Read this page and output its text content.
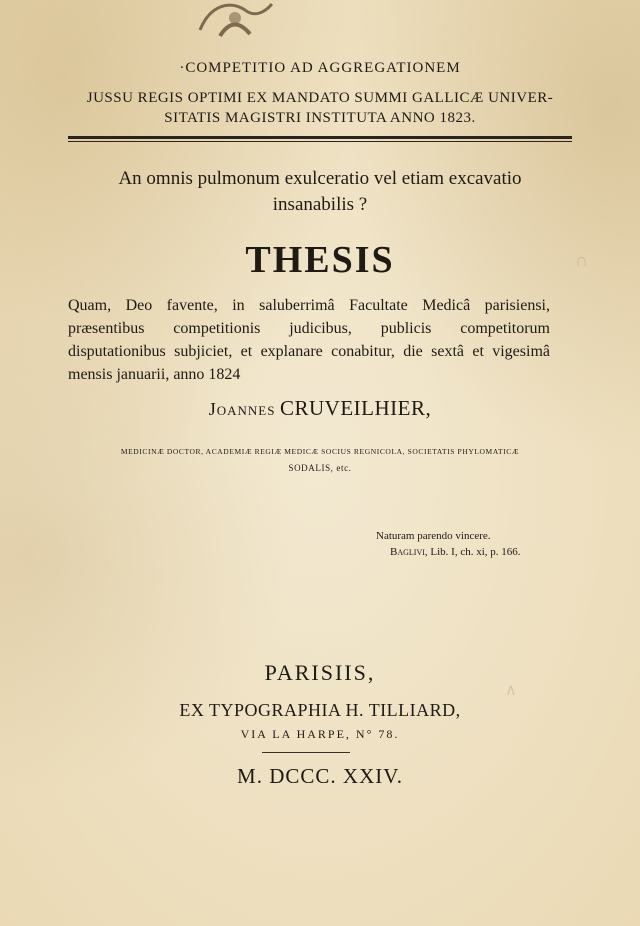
·COMPETITIO AD AGGREGATIONEM
JUSSU REGIS OPTIMI EX MANDATO SUMMI GALLICÆ UNIVER-
SITATIS MAGISTRI INSTITUTA ANNO 1823.
An omnis pulmonum exulceratio vel etiam excavatio
insanabilis ?
THESIS
Quam, Deo favente, in saluberrimâ Facultate Medicâ parisiensi, præsentibus competitionis judicibus, publicis competitorum disputationibus subjiciet, et explanare conabitur, die sextâ et vigesimâ mensis januarii, anno 1824
Joannes CRUVEILHIER,
MEDICINÆ DOCTOR, ACADEMIÆ REGIÆ MEDICÆ SOCIUS REGNICOLA, SOCIETATIS PHYLOMATICÆ
SODALIS, etc.
Naturam parendo vincere.
Baglivi, Lib. I, ch. xi, p. 166.
PARISIIS,
EX TYPOGRAPHIA H. TILLIARD,
VIA LA HARPE, N° 78.
M. DCCC. XXIV.
∩
∧
